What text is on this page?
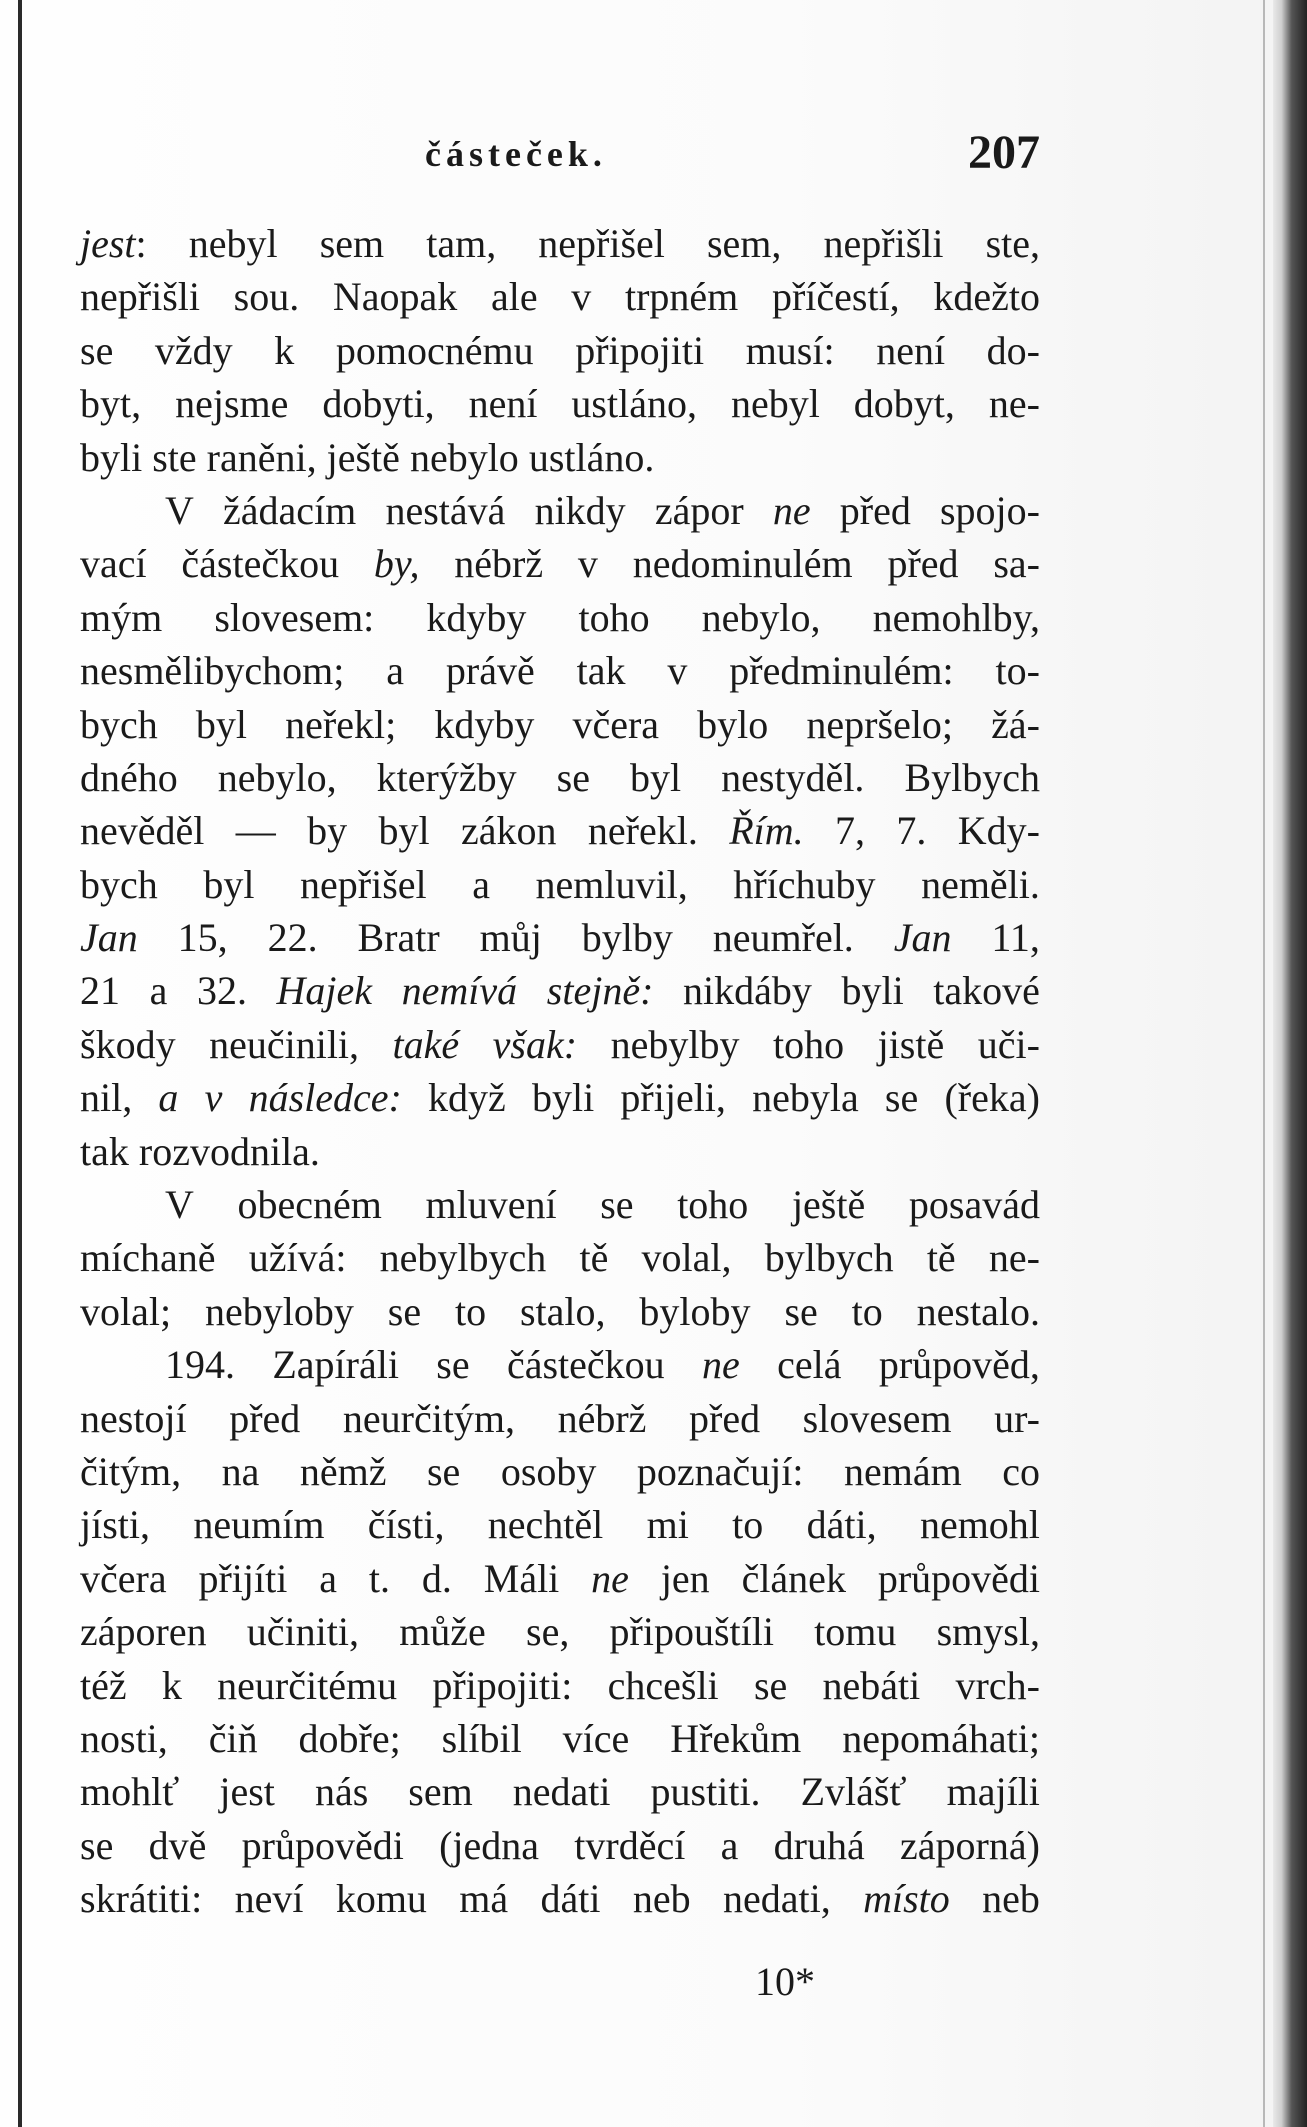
částeček.	207
jest: nebyl sem tam, nepřišel sem, nepřišli ste,
nepřišli sou. Naopak ale v trpném příčestí, kdežto
se vždy k pomocnému připojiti musí: není do-
byt, nejsme dobyti, není ustláno, nebyl dobyt, ne-
byli
ste
raněni,
ještě
nebylo
ustláno.
V žádacím nestává nikdy zápor ne před spojo-
vací částečkou by, nébrž v nedominulém před sa-
mým slovesem: kdyby toho nebylo, nemohlby,
nesmělibychom; a právě tak v předminulém: to-
bych byl neřekl; kdyby včera bylo nepršelo; žá-
dného nebylo, kterýžby se byl nestyděl. Bylbych
nevěděl — by byl zákon neřekl. Řím. 7, 7. Kdy-
bych byl nepřišel a nemluvil, hříchuby neměli.
Jan 15, 22. Bratr můj bylby neumřel. Jan 11,
21 a 32. Hajek nemívá stejně: nikdáby byli takové
škody neučinili, také však: nebylby toho jistě uči-
nil, a v následce: když byli přijeli, nebyla se (řeka)
tak
rozvodnila.
V obecném mluvení se toho ještě posavád
míchaně užívá: nebylbych tě volal, bylbych tě ne-
volal; nebyloby se to stalo, byloby se to nestalo.
194. Zapíráli se částečkou ne celá průpověd,
nestojí před neurčitým, nébrž před slovesem ur-
čitým, na němž se osoby poznačují: nemám co
jísti, neumím čísti, nechtěl mi to dáti, nemohl
včera přijíti a t. d. Máli ne jen článek průpovědi
záporen učiniti, může se, připouštíli tomu smysl,
též k neurčitému připojiti: chcešli se nebáti vrch-
nosti, čiň dobře; slíbil více Hřekům nepomáhati;
mohlť jest nás sem nedati pustiti. Zvlášť majíli
se dvě průpovědi (jedna tvrděcí a druhá záporná)
skrátiti: neví komu má dáti neb nedati, místo neb
10*
